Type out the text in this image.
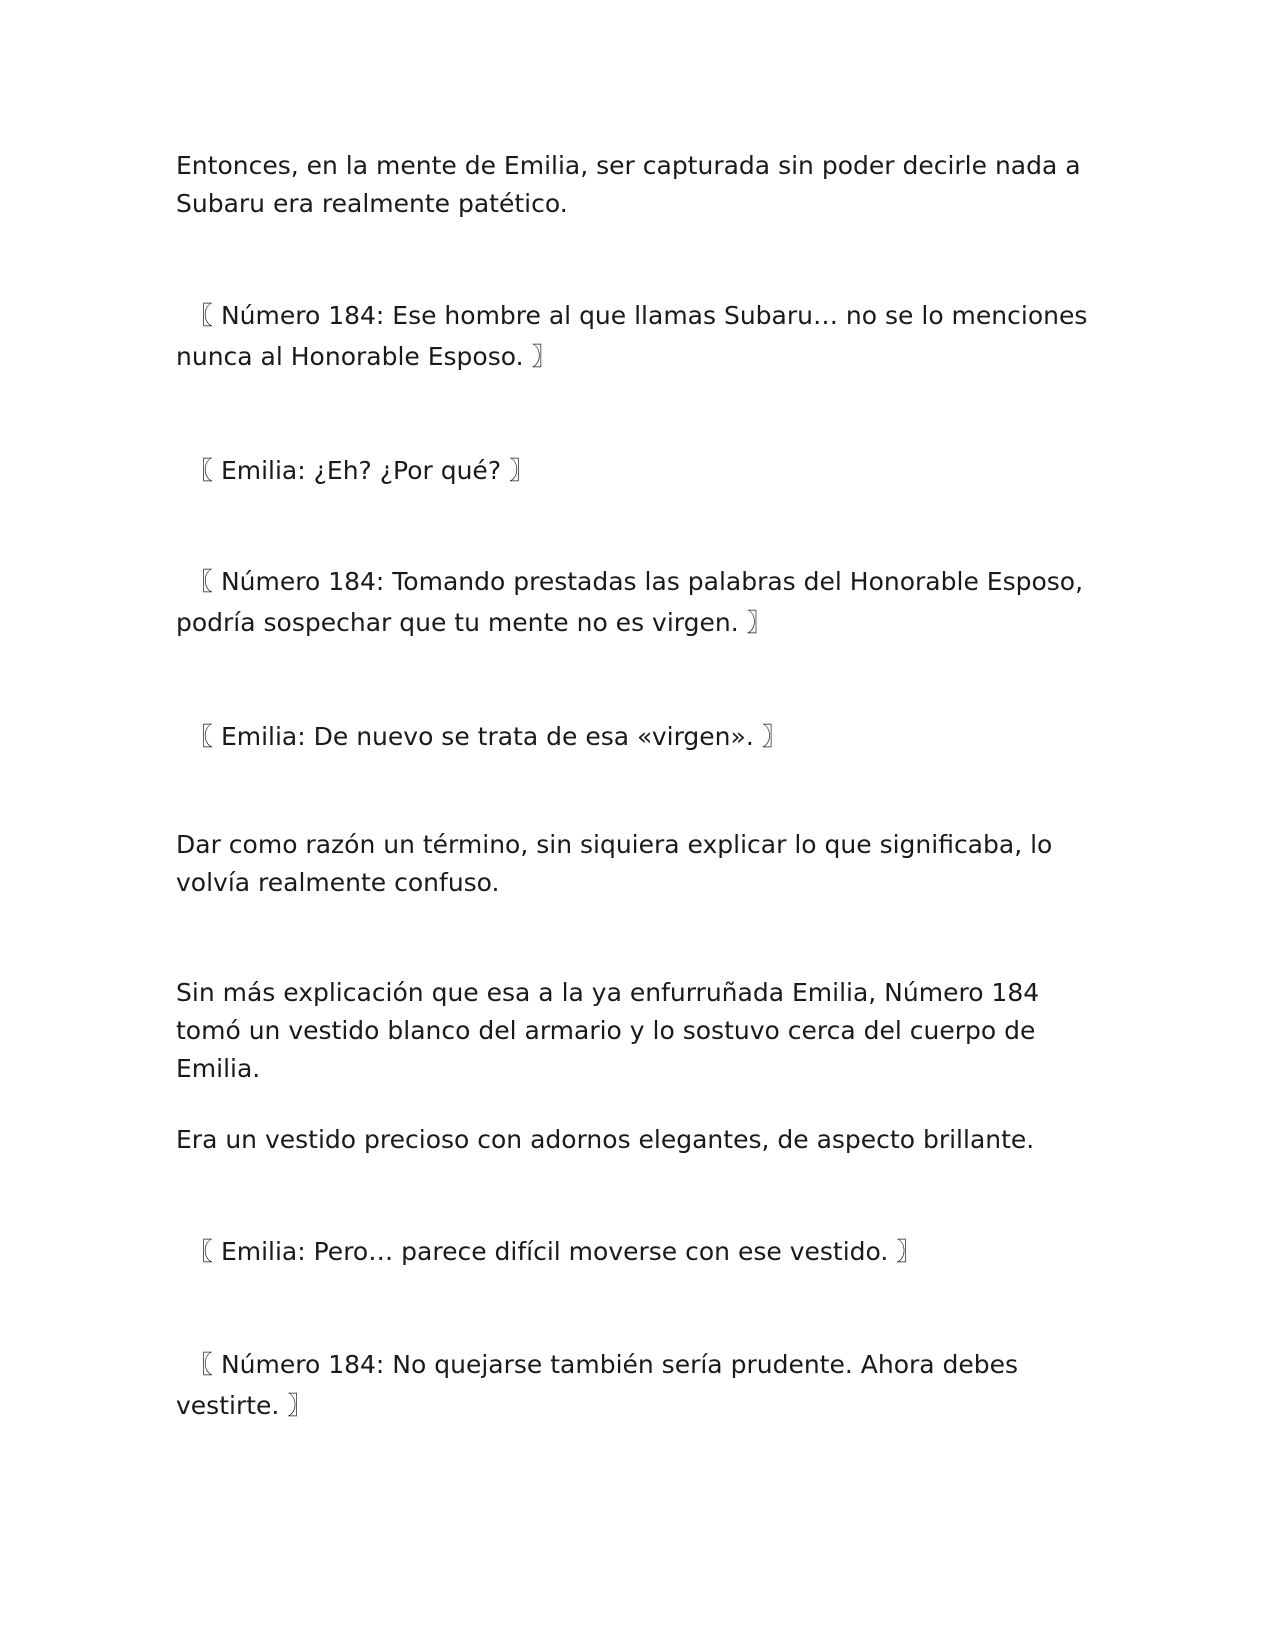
Entonces, en la mente de Emilia, ser capturada sin poder decirle nada a Subaru era realmente patético.

〖 Número 184: Ese hombre al que llamas Subaru… no se lo menciones nunca al Honorable Esposo. 〗

〖 Emilia: ¿Eh? ¿Por qué? 〗

〖 Número 184: Tomando prestadas las palabras del Honorable Esposo, podría sospechar que tu mente no es virgen. 〗

〖 Emilia: De nuevo se trata de esa «virgen». 〗

Dar como razón un término, sin siquiera explicar lo que significaba, lo volvía realmente confuso.

Sin más explicación que esa a la ya enfurruñada Emilia, Número 184 tomó un vestido blanco del armario y lo sostuvo cerca del cuerpo de Emilia.

Era un vestido precioso con adornos elegantes, de aspecto brillante.

〖 Emilia: Pero… parece difícil moverse con ese vestido. 〗

〖 Número 184: No quejarse también sería prudente. Ahora debes vestirte. 〗
